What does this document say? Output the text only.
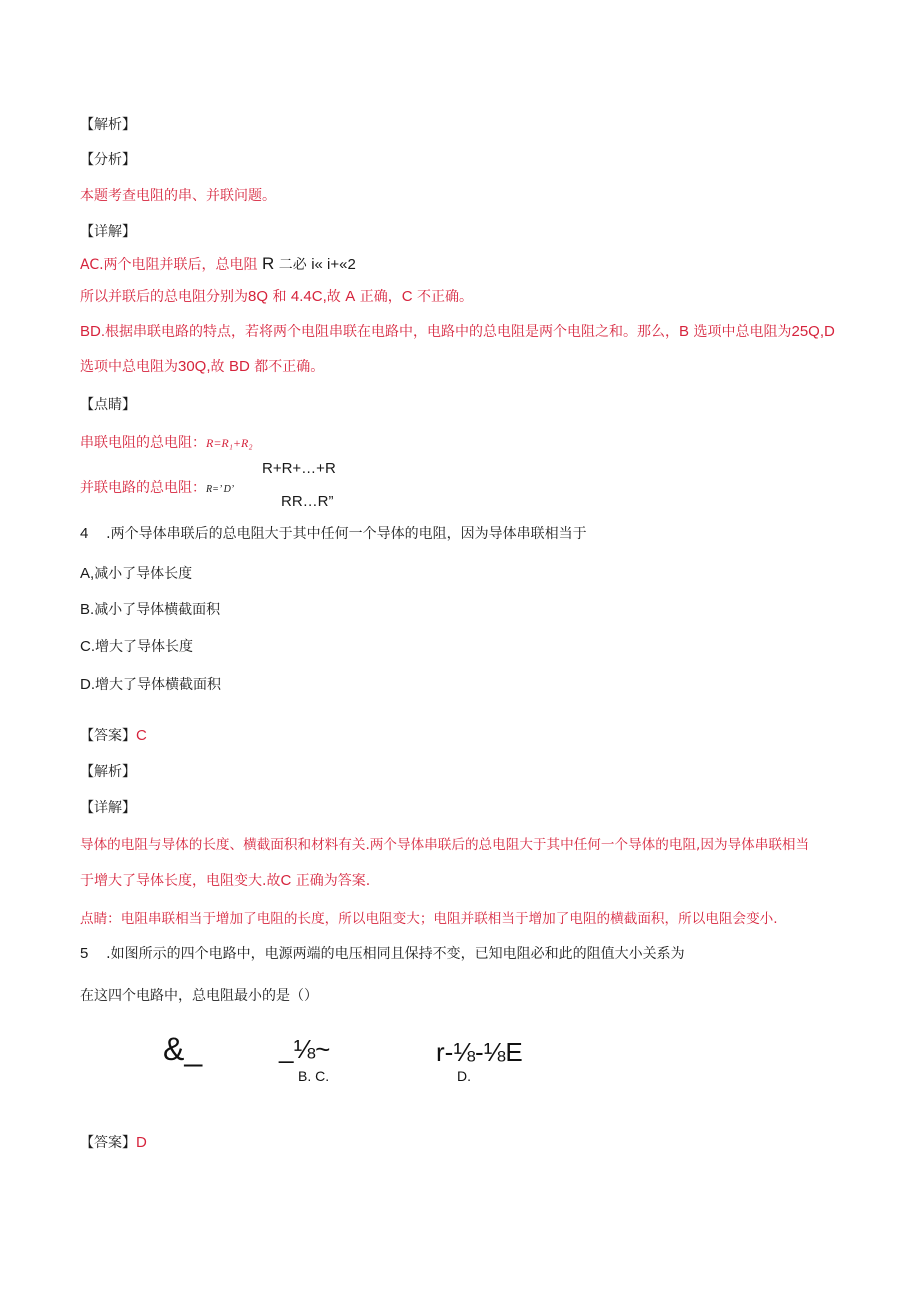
【解析】
【分析】
本题考查电阻的串、并联问题。
【详解】
AC.两个电阻并联后，总电阻 R 二必 i« i+«2
所以并联后的总电阻分别为8Q 和 4.4C,故 A 正确，C 不正确。
BD.根据串联电路的特点，若将两个电阻串联在电路中，电路中的总电阻是两个电阻之和。那么，B 选项中总电阻为25Q,D
选项中总电阻为30Q,故 BD 都不正确。
【点睛】
串联电阻的总电阻：R=R₁+R₂
R+R+…+R
并联电路的总电阻：R=’ D’
RR…R”
4 .两个导体串联后的总电阻大于其中任何一个导体的电阻，因为导体串联相当于
A,减小了导体长度
B.减小了导体横截面积
C.增大了导体长度
D.增大了导体横截面积
【答案】C
【解析】
【详解】
导体的电阻与导体的长度、横截面积和材料有关.两个导体串联后的总电阻大于其中任何一个导体的电阻,因为导体串联相当
于增大了导体长度，电阻变大.故C 正确为答案.
点睛：电阻串联相当于增加了电阻的长度，所以电阻变大；电阻并联相当于增加了电阻的横截面积，所以电阻会变小.
5 .如图所示的四个电路中，电源两端的电压相同且保持不变，已知电阻必和此的阻值大小关系为
在这四个电路中，总电阻最小的是（）
&_	_⅛~
B. C.
r-⅛-⅛E
D.
【答案】D
